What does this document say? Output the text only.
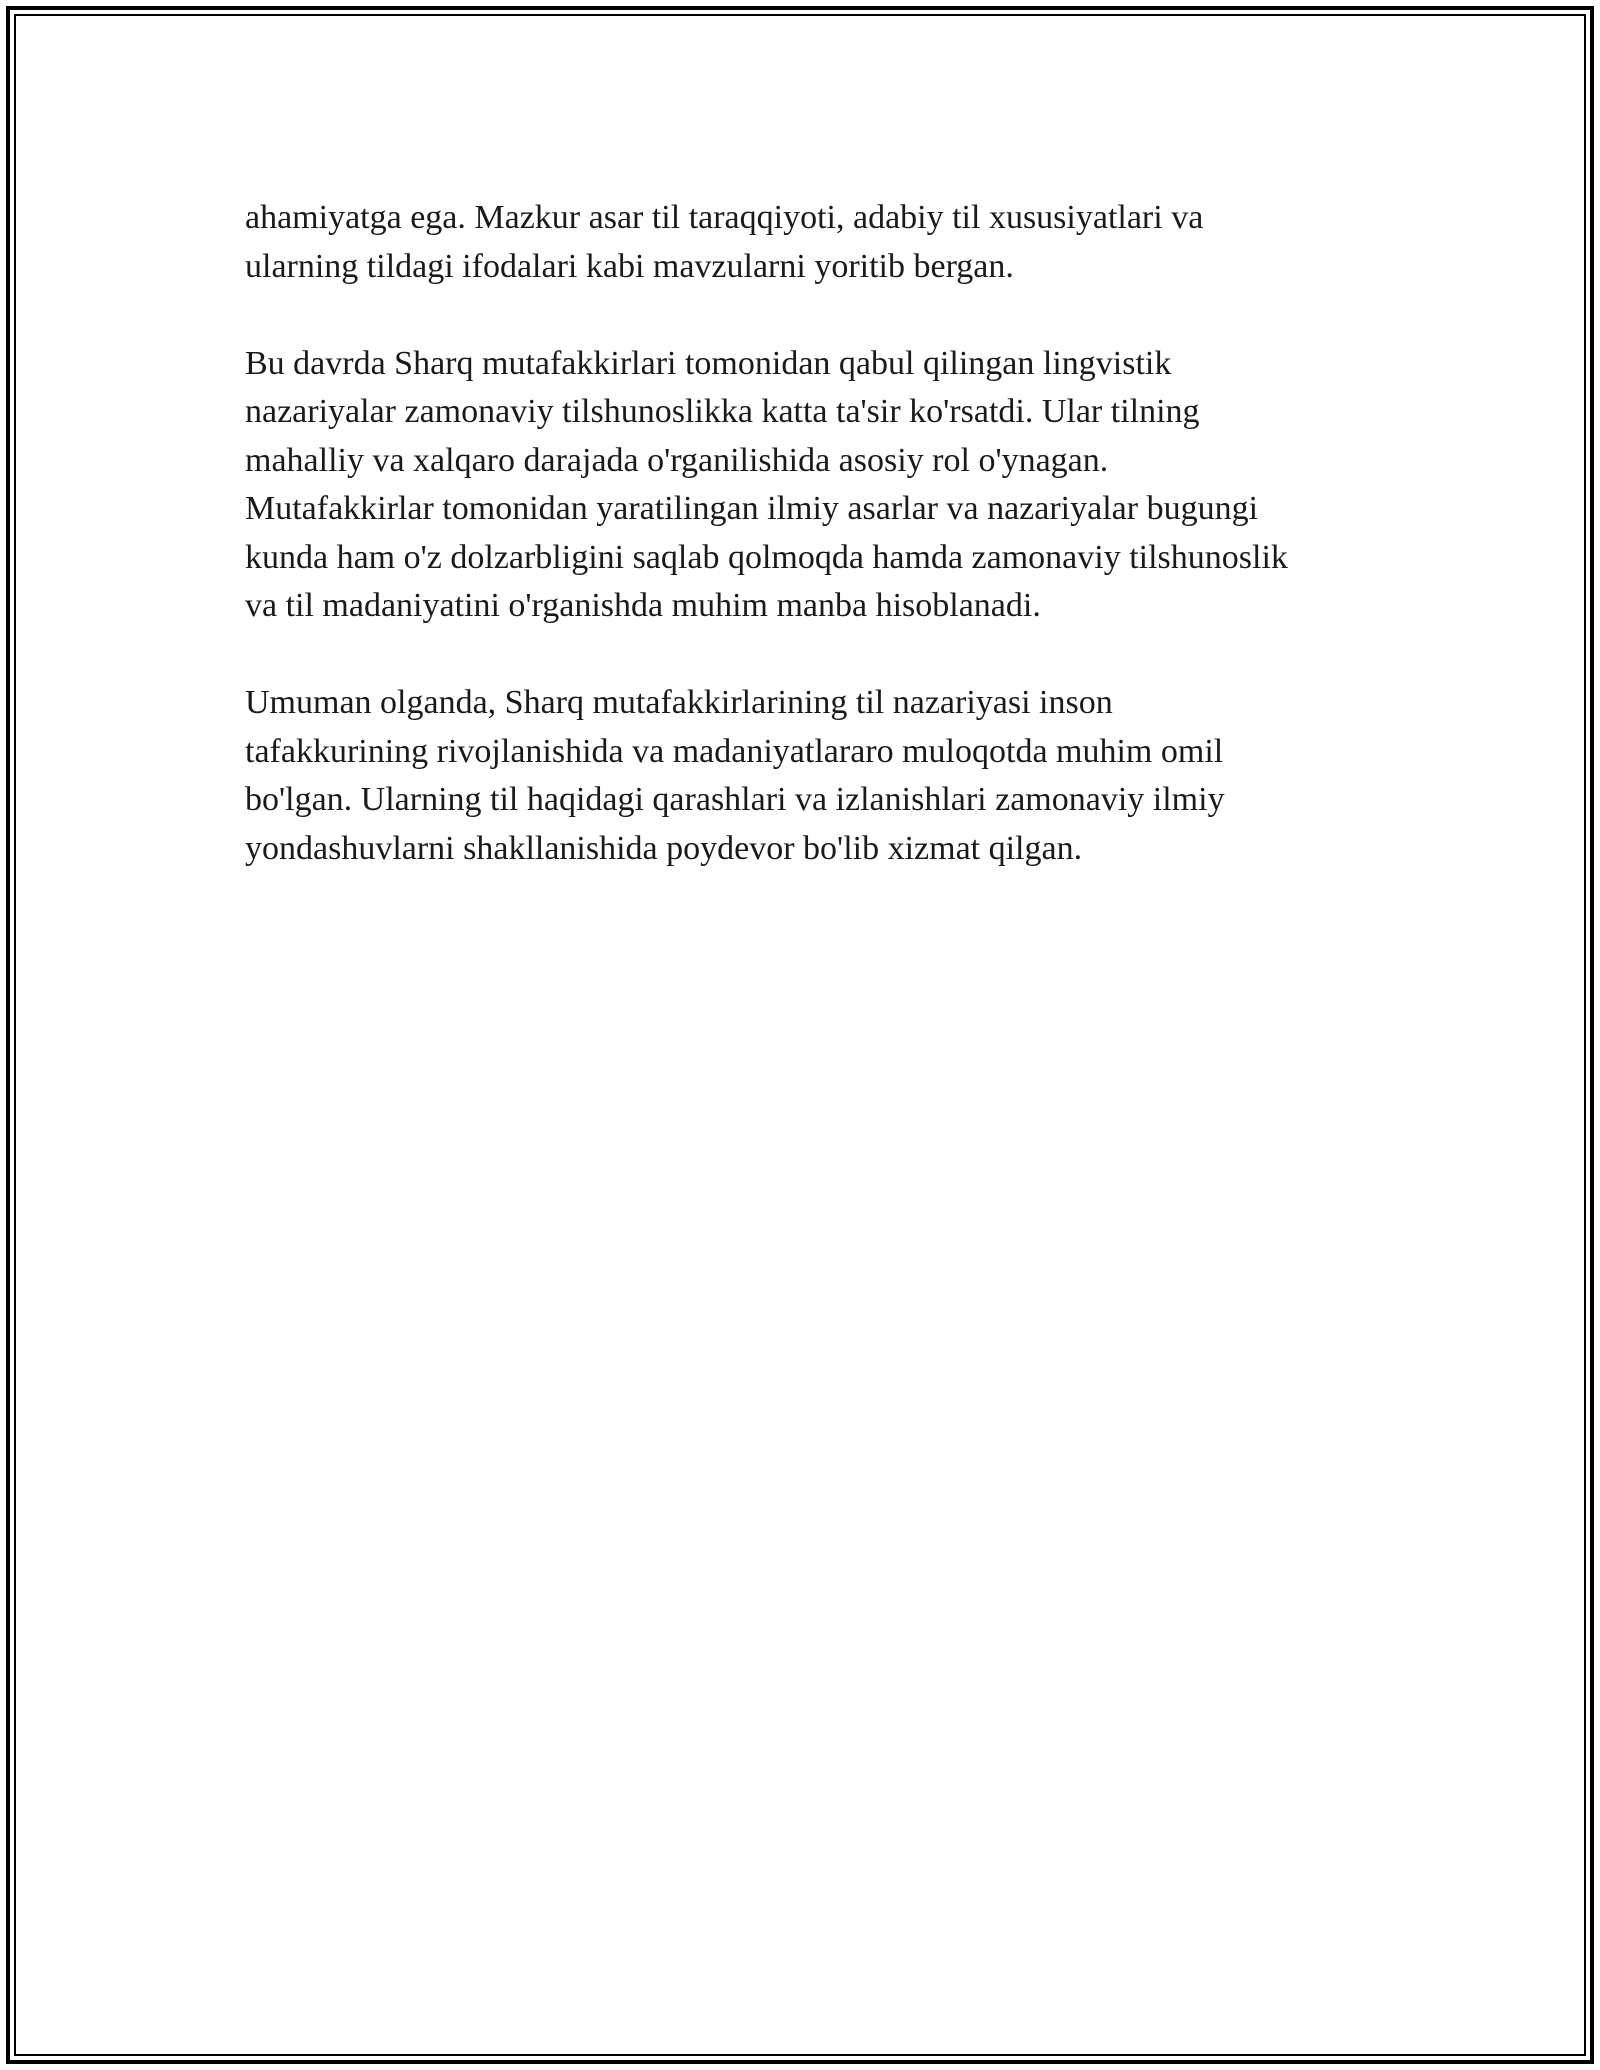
ahamiyatga ega. Mazkur asar til taraqqiyoti, adabiy til xususiyatlari va
ularning tildagi ifodalari kabi mavzularni yoritib bergan.

Bu davrda Sharq mutafakkirlari tomonidan qabul qilingan lingvistik
nazariyalar zamonaviy tilshunoslikka katta ta'sir ko'rsatdi. Ular tilning
mahalliy va xalqaro darajada o'rganilishida asosiy rol o'ynagan.
Mutafakkirlar tomonidan yaratilingan ilmiy asarlar va nazariyalar bugungi
kunda ham o'z dolzarbligini saqlab qolmoqda hamda zamonaviy tilshunoslik
va til madaniyatini o'rganishda muhim manba hisoblanadi.

Umuman olganda, Sharq mutafakkirlarining til nazariyasi inson
tafakkurining rivojlanishida va madaniyatlararo muloqotda muhim omil
bo'lgan. Ularning til haqidagi qarashlari va izlanishlari zamonaviy ilmiy
yondashuvlarni shakllanishida poydevor bo'lib xizmat qilgan.
